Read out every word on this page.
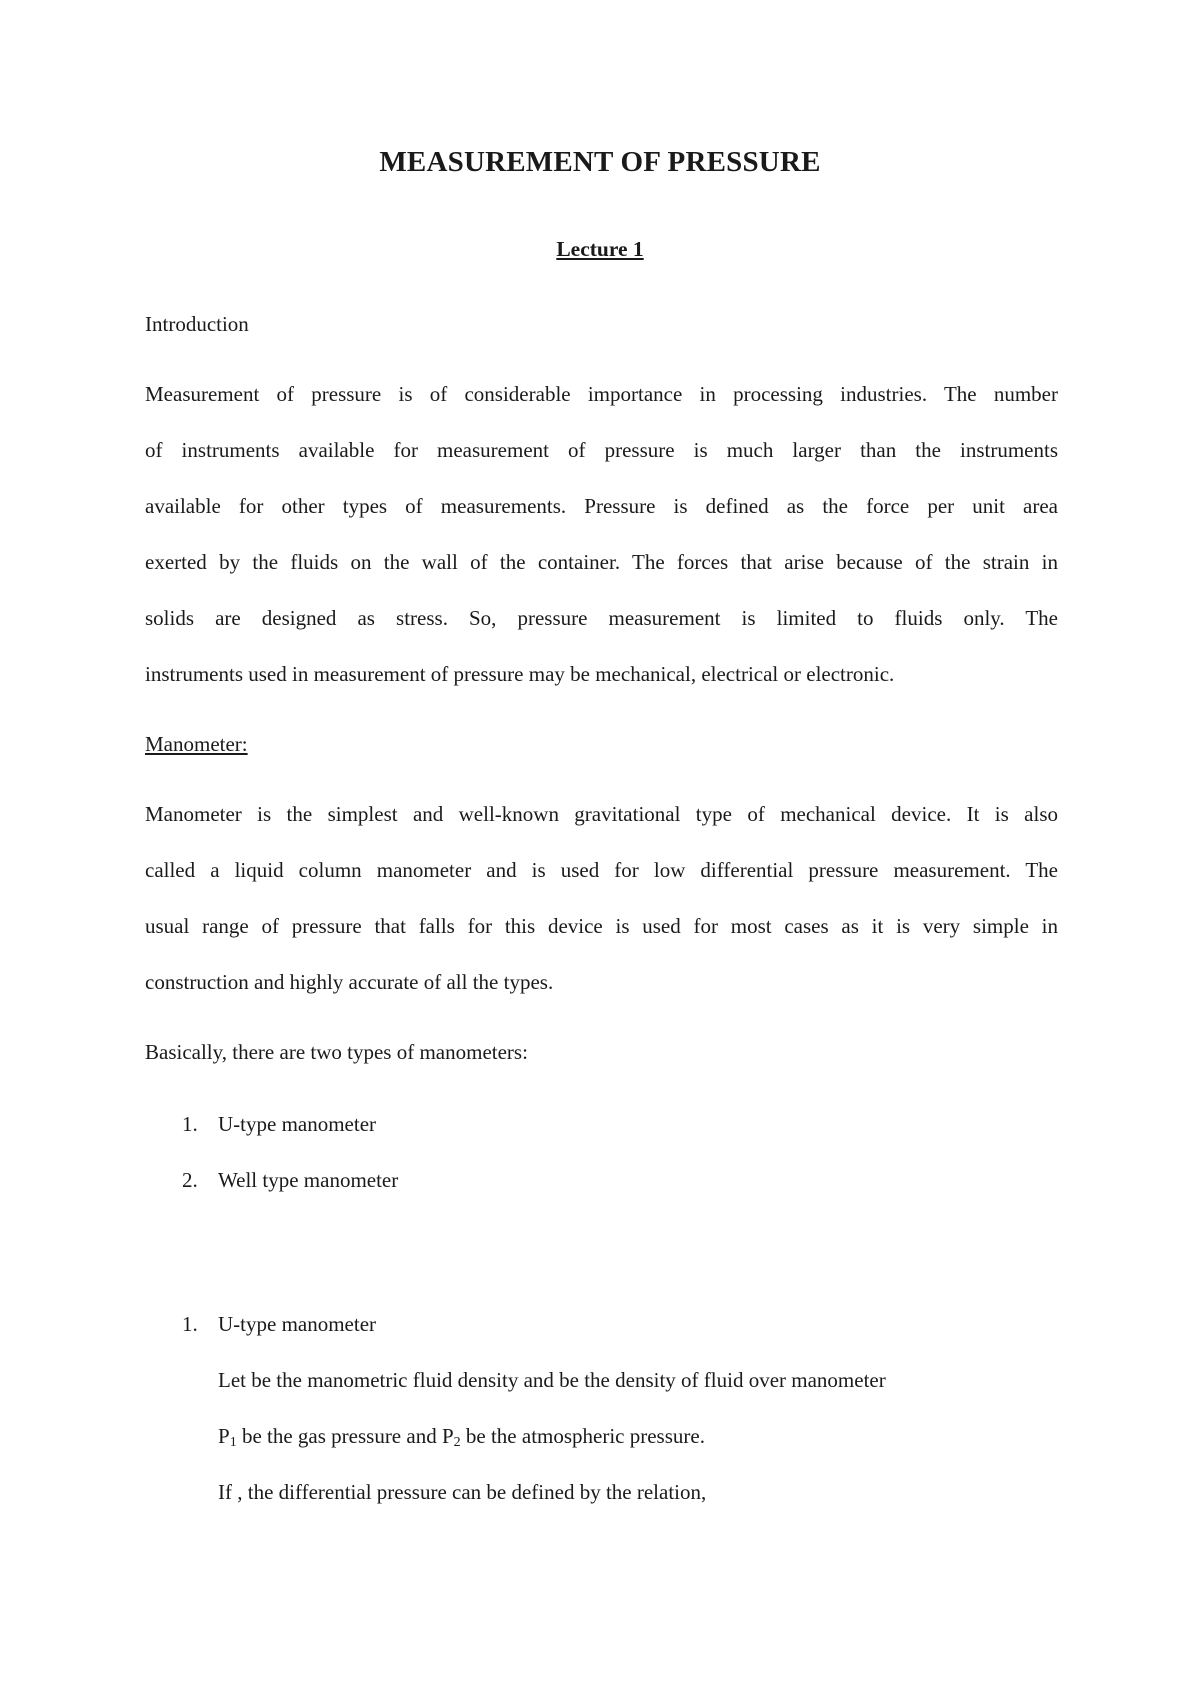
MEASUREMENT OF PRESSURE
Lecture 1
Introduction
Measurement of pressure is of considerable importance in processing industries. The number
of instruments available for measurement of pressure is much larger than the instruments
available for other types of measurements. Pressure is defined as the force per unit area
exerted by the fluids on the wall of the container. The forces that arise because of the strain in
solids are designed as stress. So, pressure measurement is limited to fluids only. The
instruments used in measurement of pressure may be mechanical, electrical or electronic.
Manometer:
Manometer is the simplest and well-known gravitational type of mechanical device. It is also
called a liquid column manometer and is used for low differential pressure measurement. The
usual range of pressure that falls for this device is used for most cases as it is very simple in
construction and highly accurate of all the types.
Basically, there are two types of manometers:
1. U-type manometer
2. Well type manometer
1. U-type manometer
Let be the manometric fluid density and be the density of fluid over manometer
$P_1$ be the gas pressure and $P_2$ be the atmospheric pressure.
If , the differential pressure can be defined by the relation,
